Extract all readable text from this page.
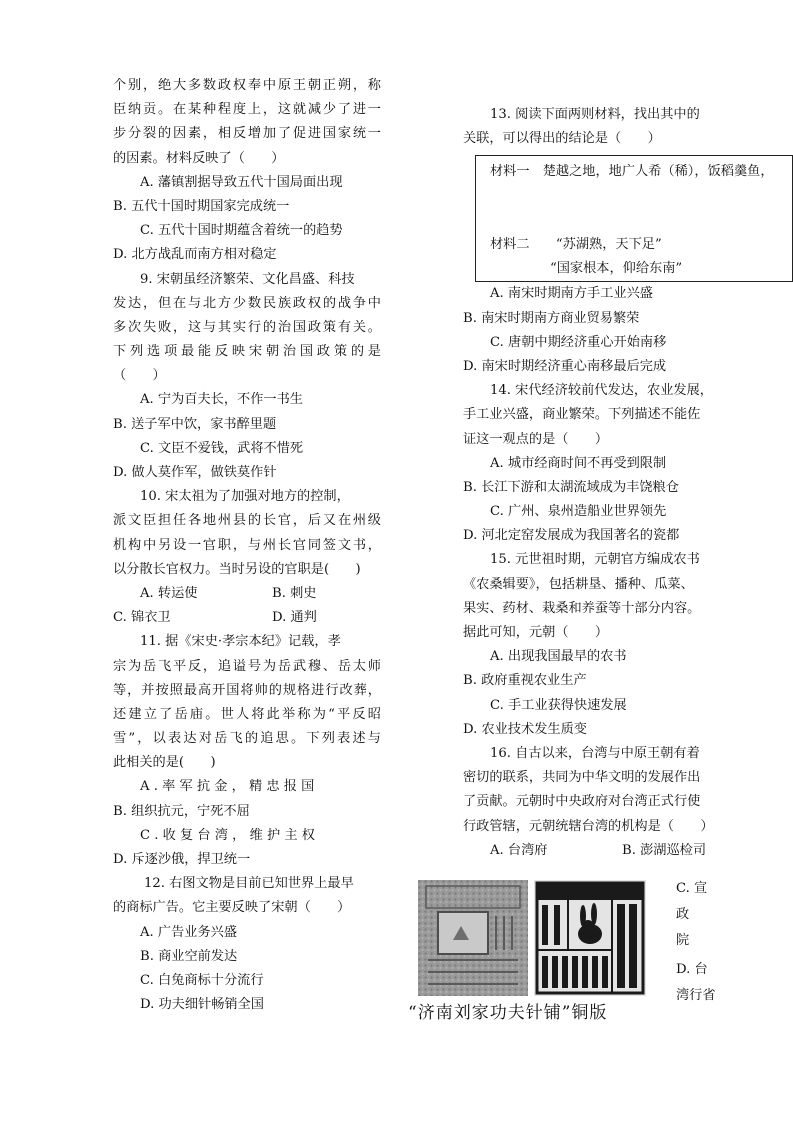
个别，绝大多数政权奉中原王朝正朔，称
臣纳贡。在某种程度上，这就减少了进一
步分裂的因素，相反增加了促进国家统一
的因素。材料反映了（　　）
A. 藩镇割据导致五代十国局面出现
B. 五代十国时期国家完成统一
C. 五代十国时期蕴含着统一的趋势
D. 北方战乱而南方相对稳定
9. 宋朝虽经济繁荣、文化昌盛、科技
发达，但在与北方少数民族政权的战争中
多次失败，这与其实行的治国政策有关。
下列选项最能反映宋朝治国政策的是
（　　）
A. 宁为百夫长，不作一书生
B. 送子军中饮，家书醉里题
C. 文臣不爱钱，武将不惜死
D. 做人莫作军，做铁莫作针
10. 宋太祖为了加强对地方的控制，
派文臣担任各地州县的长官，后又在州级
机构中另设一官职，与州长官同签文书，
以分散长官权力。当时另设的官职是(　　)
A. 转运使	B. 刺史
C. 锦衣卫	D. 通判
11. 据《宋史·孝宗本纪》记载，孝
宗为岳飞平反，追谥号为岳武穆、岳太师
等，并按照最高开国将帅的规格进行改葬，
还建立了岳庙。世人将此举称为“平反昭
雪”，以表达对岳飞的追思。下列表述与
此相关的是(　　)
A . 率 军 抗 金 ， 精 忠 报 国
B. 组织抗元，宁死不屈
C . 收 复 台 湾 ， 维 护 主 权
D. 斥逐沙俄，捍卫统一
12. 右图文物是目前已知世界上最早
的商标广告。它主要反映了宋朝（　　）
A. 广告业务兴盛
B. 商业空前发达
C. 白兔商标十分流行
D. 功夫细针畅销全国
13. 阅读下面两则材料，找出其中的
关联，可以得出的结论是（　　）
材料一　楚越之地，地广人希（稀），饭稻羹鱼，
材料二　　“苏湖熟，天下足”
“国家根本，仰给东南”
A. 南宋时期南方手工业兴盛
B. 南宋时期南方商业贸易繁荣
C. 唐朝中期经济重心开始南移
D. 南宋时期经济重心南移最后完成
14. 宋代经济较前代发达，农业发展，
手工业兴盛，商业繁荣。下列描述不能佐
证这一观点的是（　　）
A. 城市经商时间不再受到限制
B. 长江下游和太湖流域成为丰饶粮仓
C. 广州、泉州造船业世界领先
D. 河北定窑发展成为我国著名的瓷都
15. 元世祖时期，元朝官方编成农书
《农桑辑要》，包括耕垦、播种、瓜菜、
果实、药材、栽桑和养蚕等十部分内容。
据此可知，元朝（　　）
A. 出现我国最早的农书
B. 政府重视农业生产
C. 手工业获得快速发展
D. 农业技术发生质变
16. 自古以来，台湾与中原王朝有着
密切的联系，共同为中华文明的发展作出
了贡献。元朝时中央政府对台湾正式行使
行政管辖，元朝统辖台湾的机构是（　　）
A. 台湾府	B. 澎湖巡检司
C. 宣
政
院
D. 台
湾行省
“济南刘家功夫针铺”铜版
